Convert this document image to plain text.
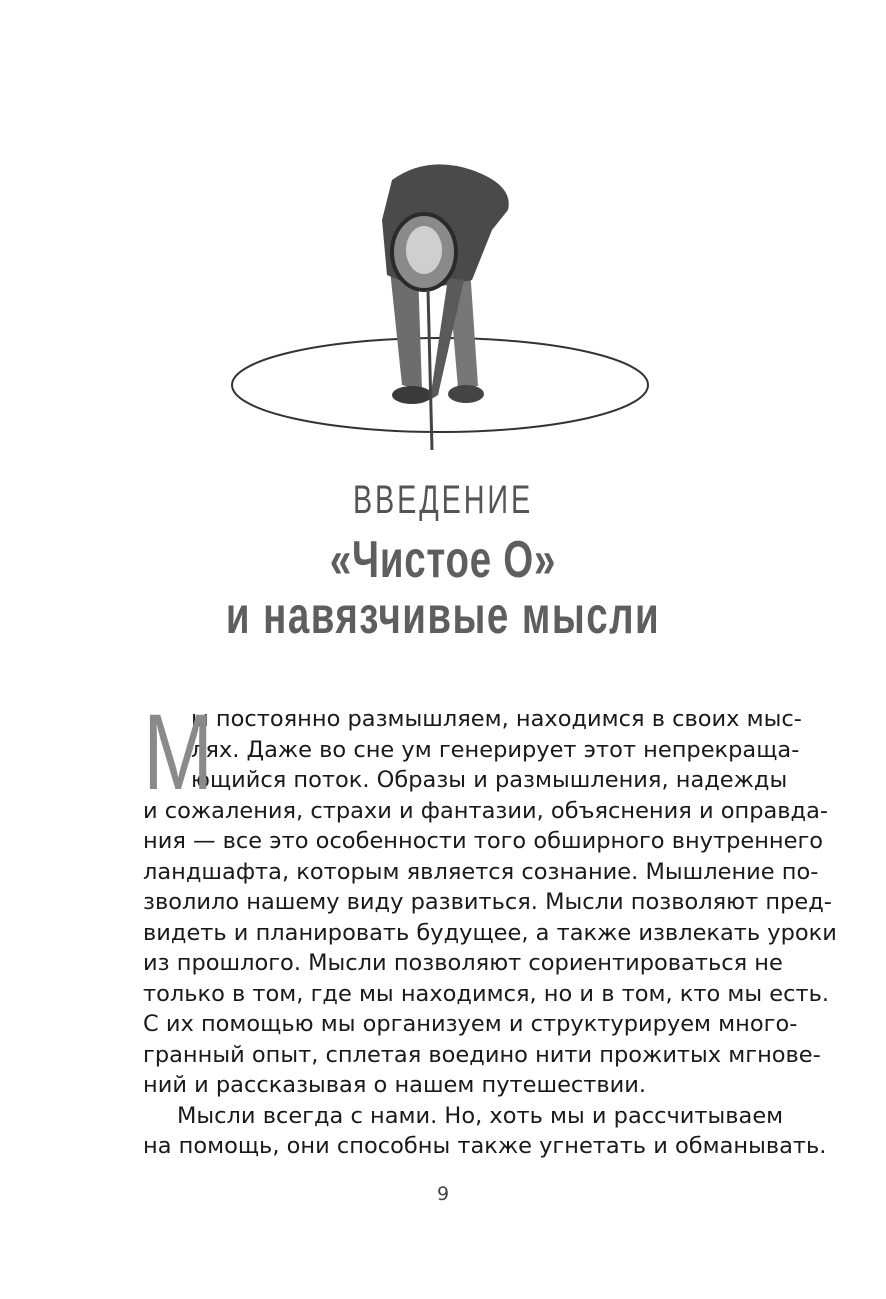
ВВЕДЕНИЕ
«Чистое О»
и навязчивые мысли
М
ы постоянно размышляем, находимся в своих мыс-
лях. Даже во сне ум генерирует этот непрекраща-
ющийся поток. Образы и размышления, надежды
и сожаления, страхи и фантазии, объяснения и оправда-
ния — все это особенности того обширного внутреннего
ландшафта, которым является сознание. Мышление по-
зволило нашему виду развиться. Мысли позволяют пред-
видеть и планировать будущее, а также извлекать уроки
из прошлого. Мысли позволяют сориентироваться не
только в том, где мы находимся, но и в том, кто мы есть.
С их помощью мы организуем и структурируем много-
гранный опыт, сплетая воедино нити прожитых мгнове-
ний и рассказывая о нашем путешествии.
Мысли всегда с нами. Но, хоть мы и рассчитываем
на помощь, они способны также угнетать и обманывать.
9
